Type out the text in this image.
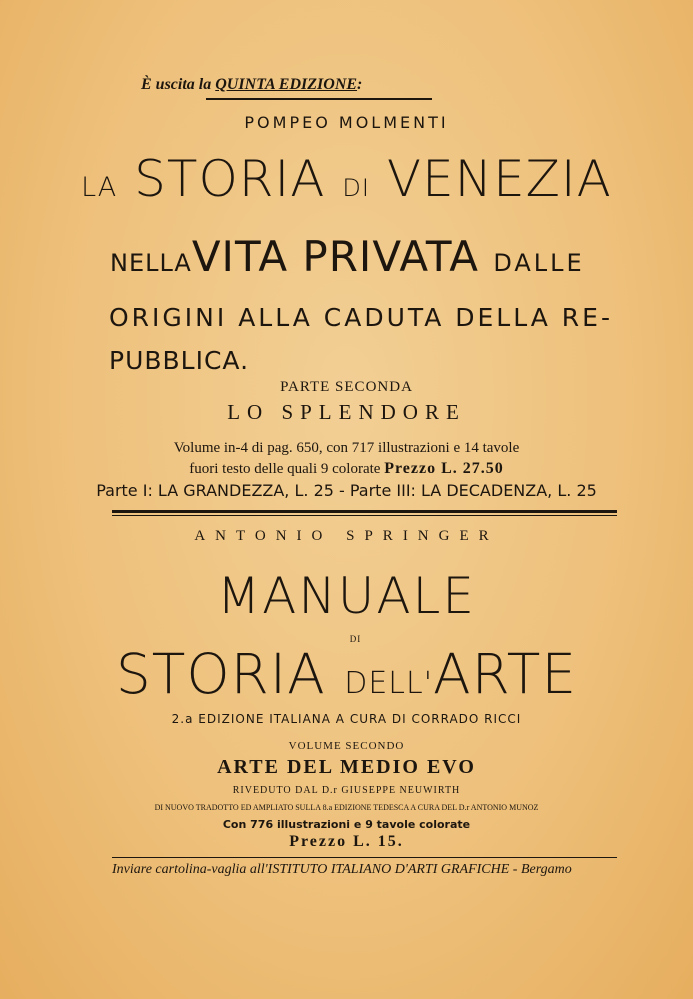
È uscita la QUINTA EDIZIONE:
POMPEO MOLMENTI
LA STORIA DI VENEZIA
NELLAVITA PRIVATA DALLE
ORIGINI ALLA CADUTA DELLA RE-
PUBBLICA.
PARTE SECONDA
LO SPLENDORE
Volume in-4 di pag. 650, con 717 illustrazioni e 14 tavole
fuori testo delle quali 9 colorate Prezzo L. 27.50
Parte I: LA GRANDEZZA, L. 25 - Parte III: LA DECADENZA, L. 25
ANTONIO SPRINGER
MANUALE
DI
STORIA DELL'ARTE
2.a EDIZIONE ITALIANA A CURA DI CORRADO RICCI
VOLUME SECONDO
ARTE DEL MEDIO EVO
RIVEDUTO DAL D.r GIUSEPPE NEUWIRTH
DI NUOVO TRADOTTO ED AMPLIATO SULLA 8.a EDIZIONE TEDESCA A CURA DEL D.r ANTONIO MUNOZ
Con 776 illustrazioni e 9 tavole colorate
Prezzo L. 15.
Inviare cartolina-vaglia all'ISTITUTO ITALIANO D'ARTI GRAFICHE - Bergamo
